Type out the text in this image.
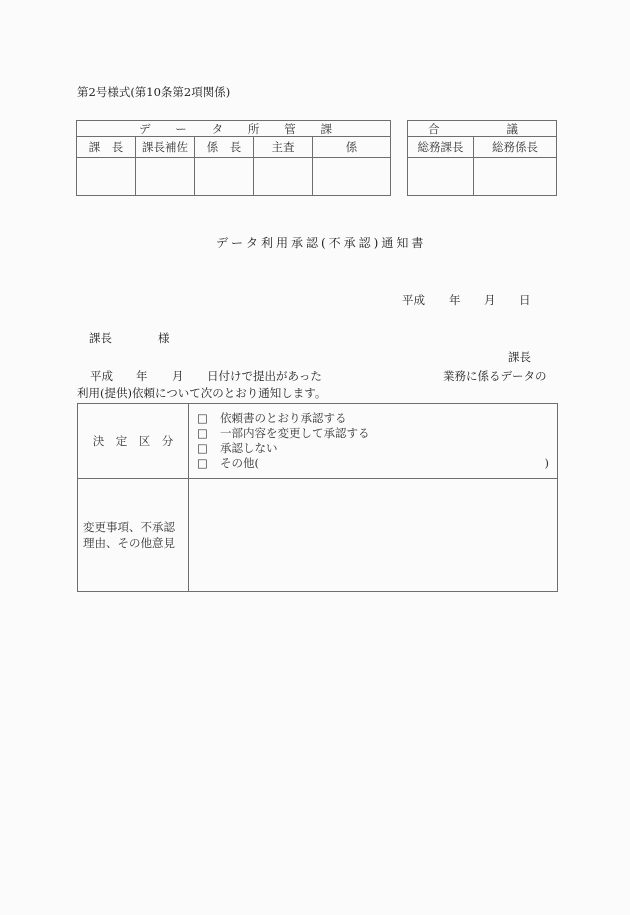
第2号様式(第10条第2項関係)
デ ー タ 所 管 課

課　長	課長補佐	係　長	主査	係

合 議	

総務課長	総務係長

データ利用承認(不承認)通知書
平成 年 月 日
課長	様
課長
平成 年 月 日付けで提出があった	業務に係るデータの
利用(提供)依頼について次のとおり通知します。
決　定　区　分	
□ 依頼書のとおり承認する
□ 一部内容を変更して承認する
□ 承認しない
□ その他(	)

変更事項、不承認
理由、その他意見	
